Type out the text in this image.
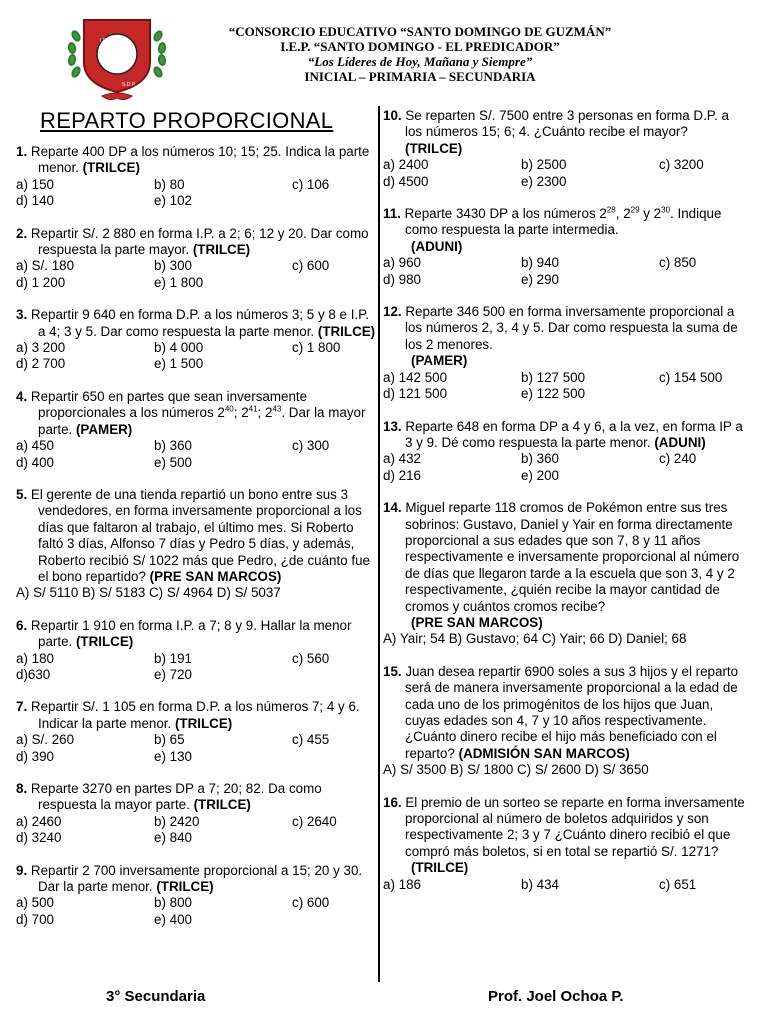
I.E.P.
S.D.P.
“CONSORCIO EDUCATIVO “SANTO DOMINGO DE GUZMÁN”
I.E.P. “SANTO DOMINGO - EL PREDICADOR”
“Los Líderes de Hoy, Mañana y Siempre”
INICIAL – PRIMARIA – SECUNDARIA
REPARTO PROPORCIONAL
1. Reparte 400 DP a los números 10; 15; 25. Indica la parte menor. (TRILCE)
a) 150	b) 80	c) 106
d) 140	e) 102
2. Repartir S/. 2 880 en forma I.P. a 2; 6; 12 y 20. Dar como respuesta la parte mayor. (TRILCE)
a) S/. 180	b) 300	c) 600
d) 1 200	e) 1 800
3. Repartir 9 640 en forma D.P. a los números 3; 5 y 8 e I.P. a 4; 3 y 5. Dar como respuesta la parte menor. (TRILCE)
a) 3 200	b) 4 000	c) 1 800
d) 2 700	e) 1 500
4. Repartir 650 en partes que sean inversamente proporcionales a los números $2^{40}$; $2^{41}$; $2^{43}$. Dar la mayor parte. (PAMER)
a) 450	b) 360	c) 300
d) 400	e) 500
5. El gerente de una tienda repartió un bono entre sus 3 vendedores, en forma inversamente proporcional a los días que faltaron al trabajo, el último mes. Si Roberto faltó 3 días, Alfonso 7 días y Pedro 5 días, y además, Roberto recibió S/ 1022 más que Pedro, ¿de cuánto fue el bono repartido? (PRE SAN MARCOS)
A) S/ 5110 B) S/ 5183 C) S/ 4964 D) S/ 5037
6. Repartir 1 910 en forma I.P. a 7; 8 y 9. Hallar la menor parte. (TRILCE)
a) 180	b) 191	c) 560
d)630	e) 720
7. Repartir S/. 1 105 en forma D.P. a los números 7; 4 y 6. Indicar la parte menor. (TRILCE)
a) S/. 260	b) 65	c) 455
d) 390	e) 130
8. Reparte 3270 en partes DP a 7; 20; 82. Da como respuesta la mayor parte. (TRILCE)
a) 2460	b) 2420	c) 2640
d) 3240	e) 840
9. Repartir 2 700 inversamente proporcional a 15; 20 y 30. Dar la parte menor. (TRILCE)
a) 500	b) 800	c) 600
d) 700	e) 400
10. Se reparten S/. 7500 entre 3 personas en forma D.P. a los números 15; 6; 4. ¿Cuánto recibe el mayor? (TRILCE)
a) 2400	b) 2500	c) 3200
d) 4500	e) 2300
11. Reparte 3430 DP a los números $2^{28}$, $2^{29}$ y $2^{30}$. Indique como respuesta la parte intermedia.
(ADUNI)
a) 960	b) 940	c) 850
d) 980	e) 290
12. Reparte 346 500 en forma inversamente proporcional a los números 2, 3, 4 y 5. Dar como respuesta la suma de los 2 menores.
(PAMER)
a) 142 500	b) 127 500	c) 154 500
d) 121 500	e) 122 500
13. Reparte 648 en forma DP a 4 y 6, a la vez, en forma IP a 3 y 9. Dé como respuesta la parte menor. (ADUNI)
a) 432	b) 360	c) 240
d) 216	e) 200
14. Miguel reparte 118 cromos de Pokémon entre sus tres sobrinos: Gustavo, Daniel y Yair en forma directamente proporcional a sus edades que son 7, 8 y 11 años respectivamente e inversamente proporcional al número de días que llegaron tarde a la escuela que son 3, 4 y 2 respectivamente, ¿quién recibe la mayor cantidad de cromos y cuántos cromos recibe?
(PRE SAN MARCOS)
A) Yair; 54 B) Gustavo; 64 C) Yair; 66 D) Daniel; 68
15. Juan desea repartir 6900 soles a sus 3 hijos y el reparto será de manera inversamente proporcional a la edad de cada uno de los primogénitos de los hijos que Juan, cuyas edades son 4, 7 y 10 años respectivamente. ¿Cuánto dinero recibe el hijo más beneficiado con el reparto? (ADMISIÓN SAN MARCOS)
A) S/ 3500 B) S/ 1800 C) S/ 2600 D) S/ 3650
16. El premio de un sorteo se reparte en forma inversamente proporcional al número de boletos adquiridos y son respectivamente 2; 3 y 7 ¿Cuánto dinero recibió el que compró más boletos, si en total se repartió S/. 1271?
(TRILCE)
a) 186	b) 434	c) 651
3° Secundaria	Prof. Joel Ochoa P.
